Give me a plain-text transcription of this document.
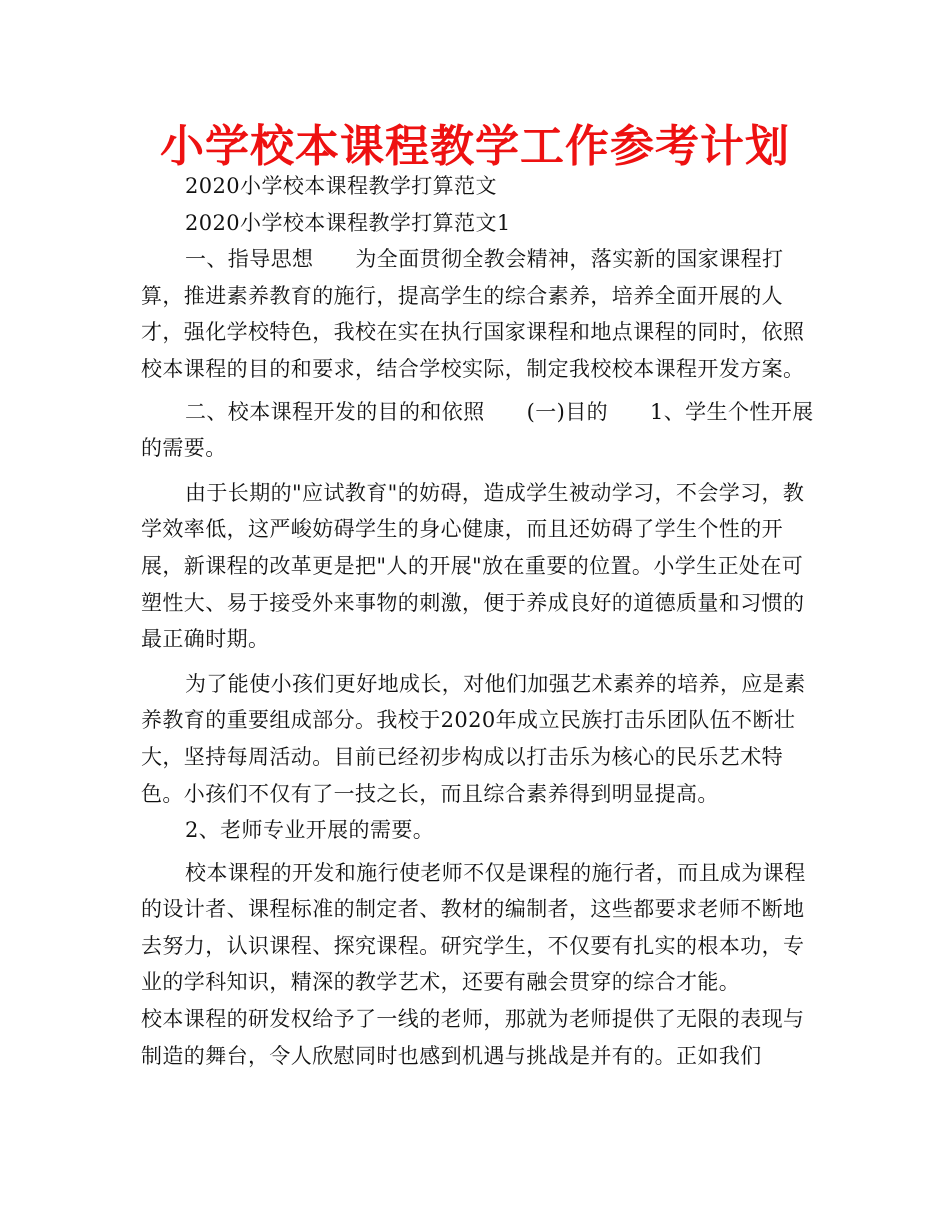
小学校本课程教学工作参考计划

2020小学校本课程教学打算范文

2020小学校本课程教学打算范文1

一、指导思想 为全面贯彻全教会精神，落实新的国家课程打算，推进素养教育的施行，提高学生的综合素养，培养全面开展的人才，强化学校特色，我校在实在执行国家课程和地点课程的同时，依照校本课程的目的和要求，结合学校实际，制定我校校本课程开发方案。

二、校本课程开发的目的和依照 (一)目的 1、学生个性开展的需要。

由于长期的"应试教育"的妨碍，造成学生被动学习，不会学习，教学效率低，这严峻妨碍学生的身心健康，而且还妨碍了学生个性的开展，新课程的改革更是把"人的开展"放在重要的位置。小学生正处在可塑性大、易于接受外来事物的刺激，便于养成良好的道德质量和习惯的最正确时期。

为了能使小孩们更好地成长，对他们加强艺术素养的培养，应是素养教育的重要组成部分。我校于2020年成立民族打击乐团队伍不断壮大，坚持每周活动。目前已经初步构成以打击乐为核心的民乐艺术特色。小孩们不仅有了一技之长，而且综合素养得到明显提高。

2、老师专业开展的需要。

校本课程的开发和施行使老师不仅是课程的施行者，而且成为课程的设计者、课程标准的制定者、教材的编制者，这些都要求老师不断地去努力，认识课程、探究课程。研究学生，不仅要有扎实的根本功，专业的学科知识，精深的教学艺术，还要有融会贯穿的综合才能。

校本课程的研发权给予了一线的老师，那就为老师提供了无限的表现与制造的舞台，令人欣慰同时也感到机遇与挑战是并有的。正如我们
